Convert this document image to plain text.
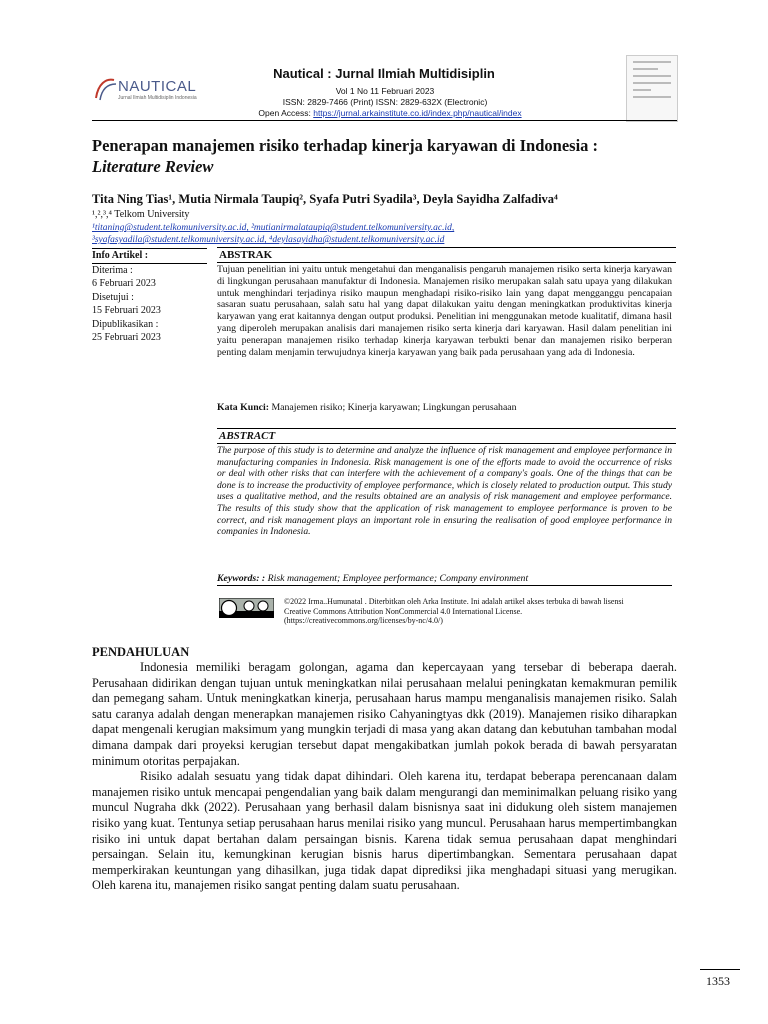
NAUTICAL
Jurnal Ilmiah Multidisiplin Indonesia
Nautical : Jurnal Ilmiah Multidisiplin
Vol 1 No 11 Februari 2023
ISSN: 2829-7466 (Print) ISSN: 2829-632X (Electronic)
Open Access: https://jurnal.arkainstitute.co.id/index.php/nautical/index
Penerapan manajemen risiko terhadap kinerja karyawan di Indonesia :
Literature Review
Tita Ning Tias¹, Mutia Nirmala Taupiq², Syafa Putri Syadila³, Deyla Sayidha Zalfadiva⁴
¹,²,³,⁴ Telkom University
¹titaning@student.telkomuniversity.ac.id, ²mutianirmalataupiq@student.telkomuniversity.ac.id,
³syafasyadila@student.telkomuniversity.ac.id, ⁴deylasayidha@student.telkomuniversity.ac.id
Info Artikel :
Diterima :
6 Februari 2023
Disetujui :
15 Februari 2023
Dipublikasikan :
25 Februari 2023
ABSTRAK
Tujuan penelitian ini yaitu untuk mengetahui dan menganalisis pengaruh manajemen risiko serta kinerja karyawan di lingkungan perusahaan manufaktur di Indonesia. Manajemen risiko merupakan salah satu upaya yang dilakukan untuk menghindari terjadinya risiko maupun menghadapi risiko-risiko lain yang dapat mengganggu pencapaian sasaran suatu perusahaan, salah satu hal yang dapat dilakukan yaitu dengan meningkatkan produktivitas kinerja karyawan yang erat kaitannya dengan output produksi. Penelitian ini menggunakan metode kualitatif, dimana hasil yang diperoleh merupakan analisis dari manajemen risiko serta kinerja dari karyawan. Hasil dalam penelitian ini yaitu penerapan manajemen risiko terhadap kinerja karyawan terbukti benar dan manajemen risiko berperan penting dalam menjamin terwujudnya kinerja karyawan yang baik pada perusahaan yang ada di Indonesia.
Kata Kunci: Manajemen risiko; Kinerja karyawan; Lingkungan perusahaan
ABSTRACT
The purpose of this study is to determine and analyze the influence of risk management and employee performance in manufacturing companies in Indonesia. Risk management is one of the efforts made to avoid the occurrence of risks or deal with other risks that can interfere with the achievement of a company's goals. One of the things that can be done is to increase the productivity of employee performance, which is closely related to production output. This study uses a qualitative method, and the results obtained are an analysis of risk management and employee performance. The results of this study show that the application of risk management to employee performance is proven to be correct, and risk management plays an important role in ensuring the realisation of good employee performance in companies in Indonesia.
Keywords: : Risk management; Employee performance; Company environment
©2022 Irma..Humunatal . Diterbitkan oleh Arka Institute. Ini adalah artikel akses terbuka di bawah lisensi
Creative Commons Attribution NonCommercial 4.0 International License.
(https://creativecommons.org/licenses/by-nc/4.0/)
PENDAHULUAN

Indonesia memiliki beragam golongan, agama dan kepercayaan yang tersebar di beberapa daerah. Perusahaan didirikan dengan tujuan untuk meningkatkan nilai perusahaan melalui peningkatan kemakmuran pemilik dan pemegang saham. Untuk meningkatkan kinerja, perusahaan harus mampu menganalisis manajemen risiko. Salah satu caranya adalah dengan menerapkan manajemen risiko Cahyaningtyas dkk (2019). Manajemen risiko diharapkan dapat mengenali kerugian maksimum yang mungkin terjadi di masa yang akan datang dan kebutuhan tambahan modal dimana dampak dari proyeksi kerugian tersebut dapat mengakibatkan jumlah pokok berada di bawah persyaratan minimum otoritas perpajakan.

Risiko adalah sesuatu yang tidak dapat dihindari. Oleh karena itu, terdapat beberapa perencanaan dalam manajemen risiko untuk mencapai pengendalian yang baik dalam mengurangi dan meminimalkan peluang risiko yang muncul Nugraha dkk (2022). Perusahaan yang berhasil dalam bisnisnya saat ini didukung oleh sistem manajemen risiko yang kuat. Tentunya setiap perusahaan harus menilai risiko yang muncul. Perusahaan harus mempertimbangkan risiko ini untuk dapat bertahan dalam persaingan bisnis. Karena tidak semua perusahaan dapat menghindari persaingan. Selain itu, kemungkinan kerugian bisnis harus dipertimbangkan. Sementara perusahaan dapat memperkirakan keuntungan yang dihasilkan, juga tidak dapat diprediksi jika menghadapi situasi yang merugikan. Oleh karena itu, manajemen risiko sangat penting dalam suatu perusahaan.

1353
